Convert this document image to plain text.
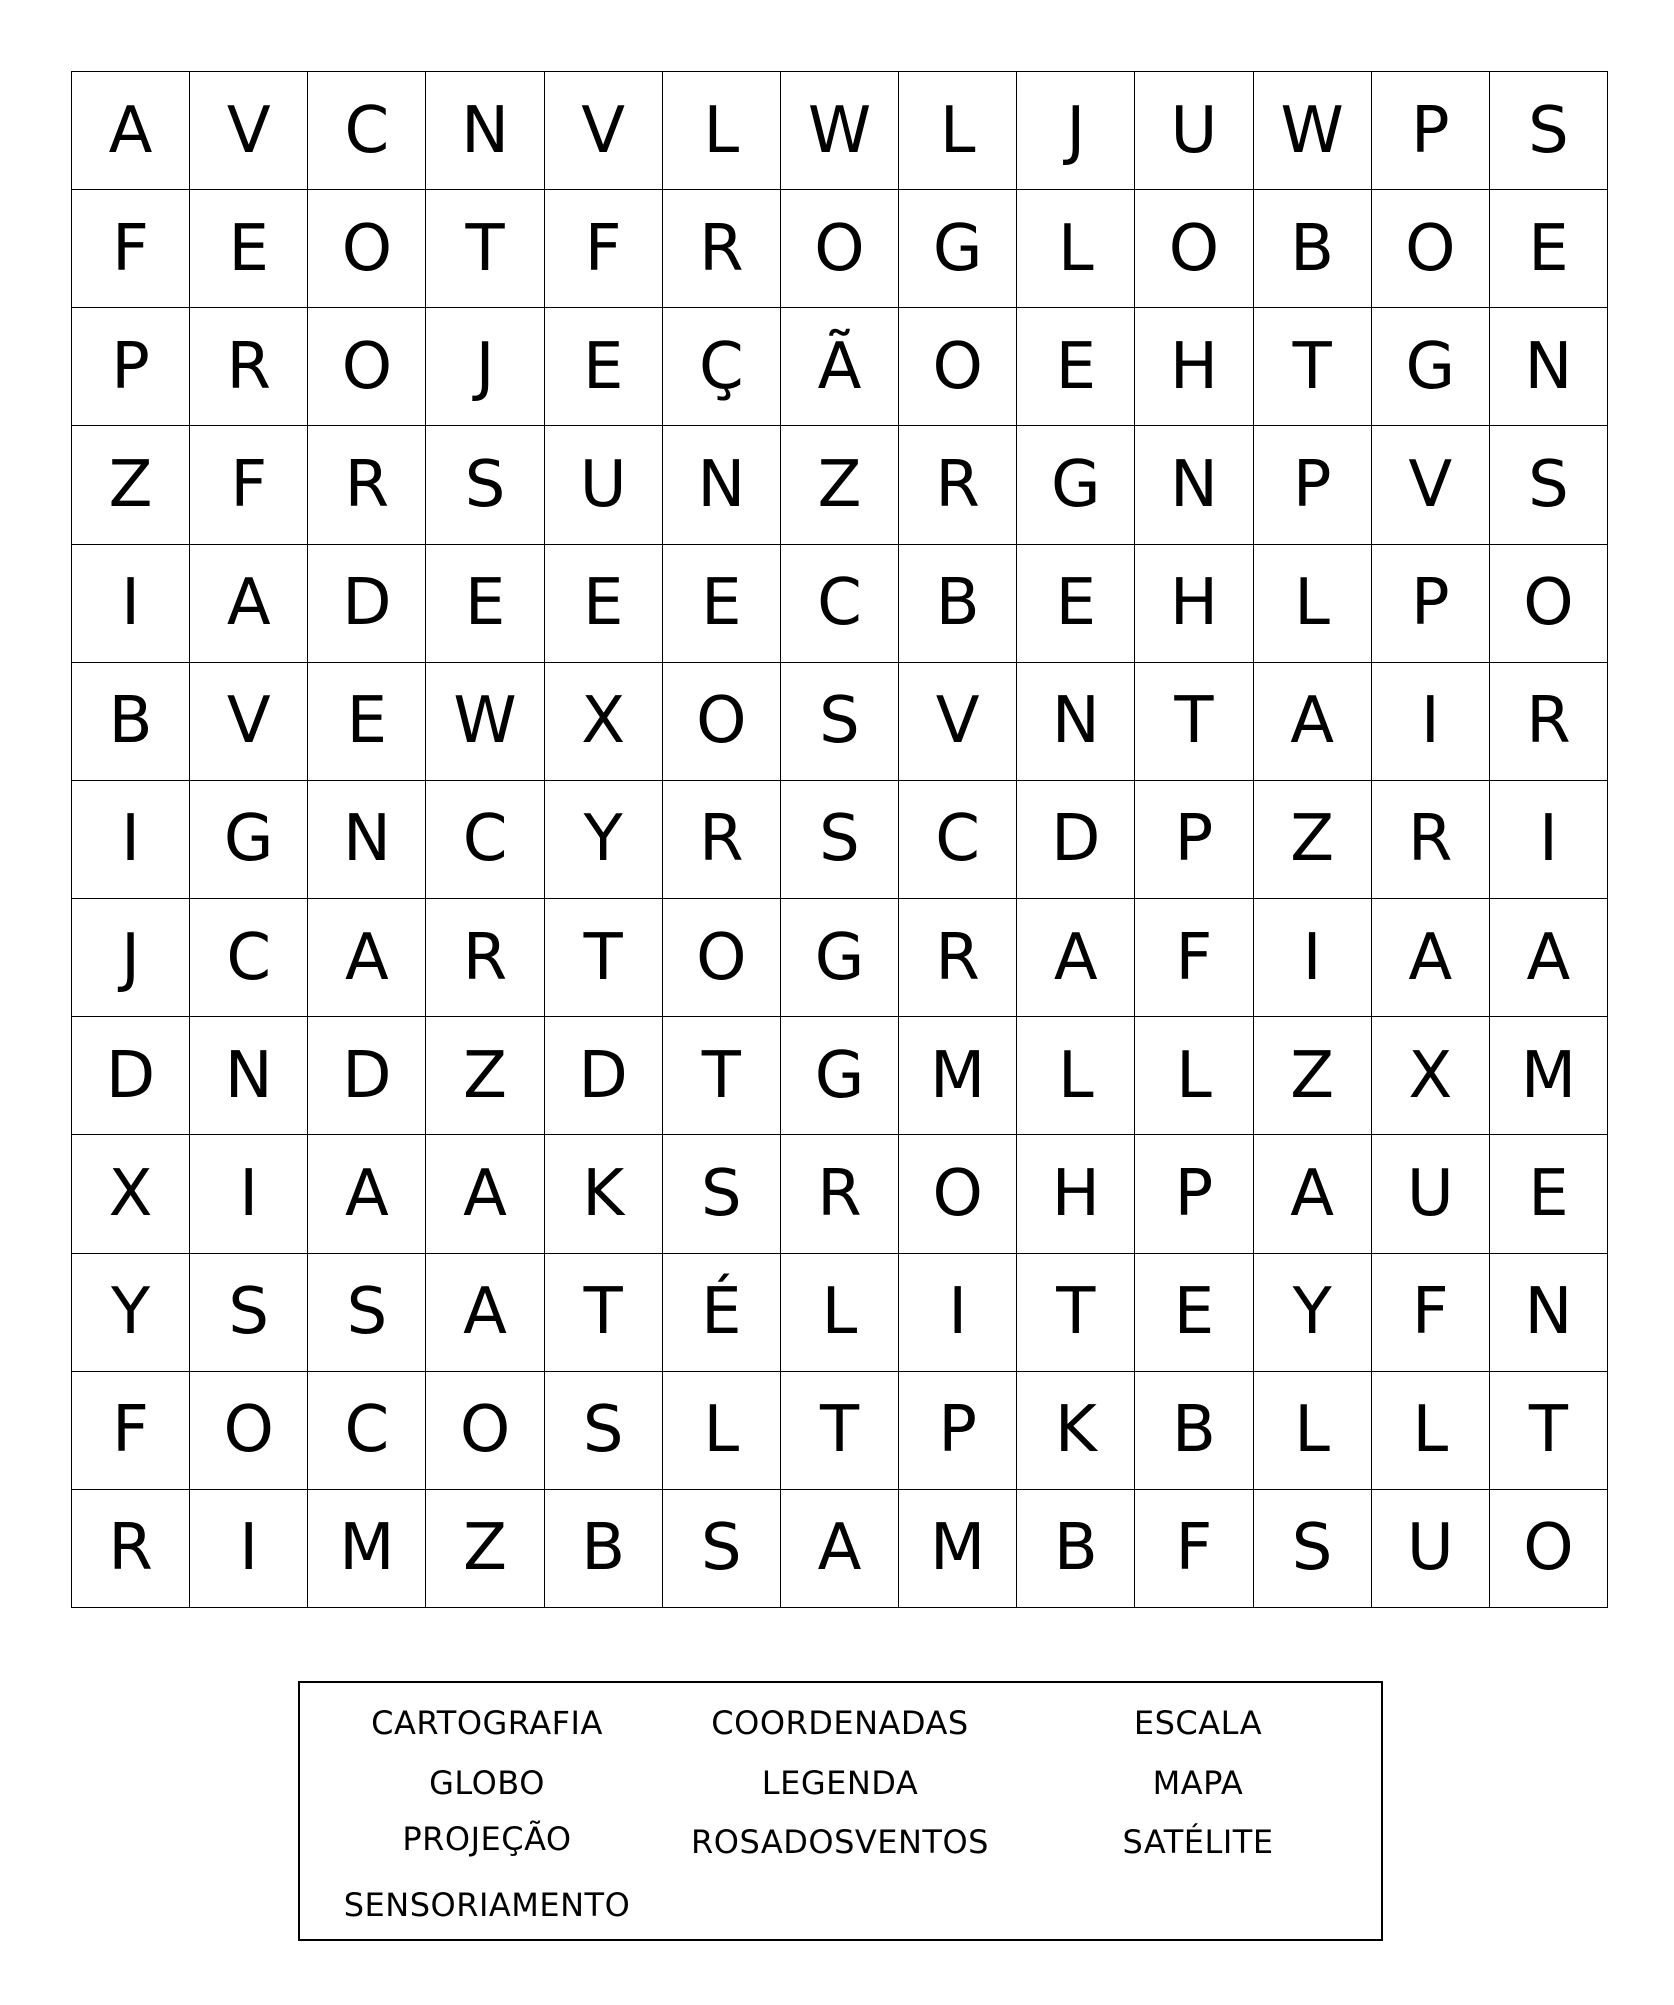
A	V	C	N	V	L	W	L	J	U W	P	S
F	E	O	T	F	R	O	G	L	O	B	O	E
P	R	O	J	E	Ç	Ã	O	E	H	T	G	N
Z	F	R	S	U	N	Z	R	G	N	P	V	S
I	A	D	E	E	E	C	B	E	H	L	P	O
B	V	E	W	X	O	S	V	N	T	A	I	R
I	G	N	C	Y	R	S	C	D	P	Z	R	I
J	C	A	R	T	O	G	R	A	F	I	A	A
D	N	D	Z	D	T	G	M	L	L	Z	X	M
X	I	A	A	K	S	R	O	H	P	A	U	E
Y	S	S	A	T	É	L	I	T	E	Y	F	N
F	O	C	O	S	L	T	P	K	B	L	L	T
R	I	M	Z	B	S	A	M	B	F	S	U	O
CARTOGRAFIA	COORDENADAS	ESCALA
GLOBO	LEGENDA	MAPA
PROJEÇÃO	ROSADOSVENTOS	SATÉLITE
SENSORIAMENTO
